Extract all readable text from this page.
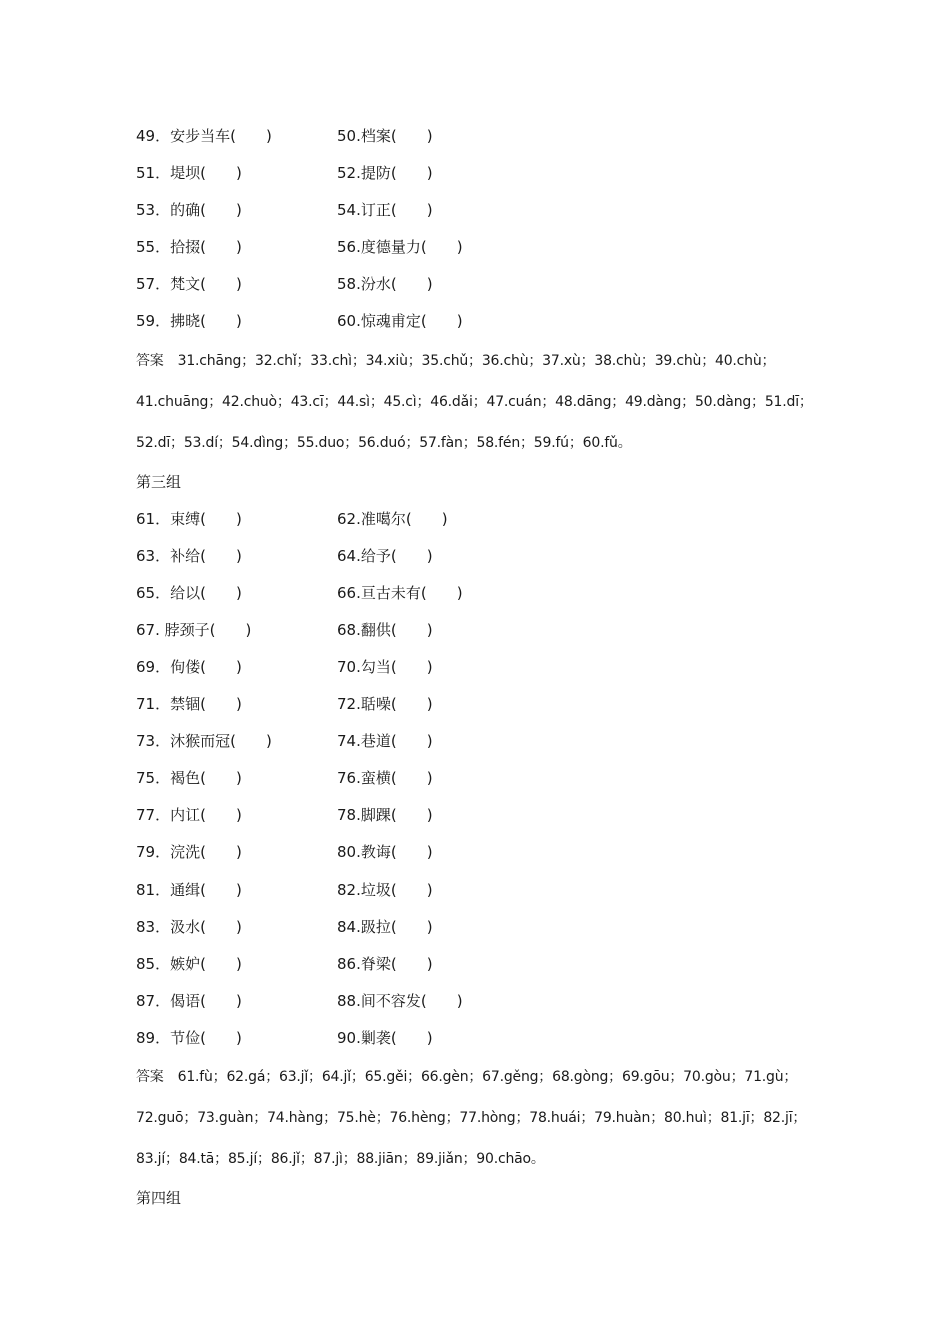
49．安步当车(　　)	50.档案(　　)
51．堤坝(　　)	52.提防(　　)
53．的确(　　)	54.订正(　　)
55．拾掇(　　)	56.度德量力(　　)
57．梵文(　　)	58.汾水(　　)
59．拂晓(　　)	60.惊魂甫定(　　)

答案 31.chāng；32.chǐ；33.chì；34.xiù；35.chǔ；36.chù；37.xù；38.chù；39.chù；40.chù；41.chuāng；42.chuò；43.cī；44.sì；45.cì；46.dǎi；47.cuán；48.dāng；49.dàng；50.dàng；51.dī；52.dī；53.dí；54.dìng；55.duo；56.duó；57.fàn；58.fén；59.fú；60.fǔ。

第三组
61．束缚(　　)	62.准噶尔(　　)
63．补给(　　)	64.给予(　　)
65．给以(　　)	66.亘古未有(　　)
67. 脖颈子(　　)	68.翻供(　　)
69．佝偻(　　)	70.勾当(　　)
71．禁锢(　　)	72.聒噪(　　)
73．沐猴而冠(　　)	74.巷道(　　)
75．褐色(　　)	76.蛮横(　　)
77．内讧(　　)	78.脚踝(　　)
79．浣洗(　　)	80.教诲(　　)
81．通缉(　　)	82.垃圾(　　)
83．汲水(　　)	84.趿拉(　　)
85．嫉妒(　　)	86.脊梁(　　)
87．偈语(　　)	88.间不容发(　　)
89．节俭(　　)	90.剿袭(　　)

答案 61.fù；62.gá；63.jǐ；64.jǐ；65.gěi；66.gèn；67.gěng；68.gòng；69.gōu；70.gòu；71.gù；72.guō；73.guàn；74.hàng；75.hè；76.hèng；77.hòng；78.huái；79.huàn；80.huì；81.jī；82.jī；83.jí；84.tā；85.jí；86.jǐ；87.jì；88.jiān；89.jiǎn；90.chāo。

第四组
